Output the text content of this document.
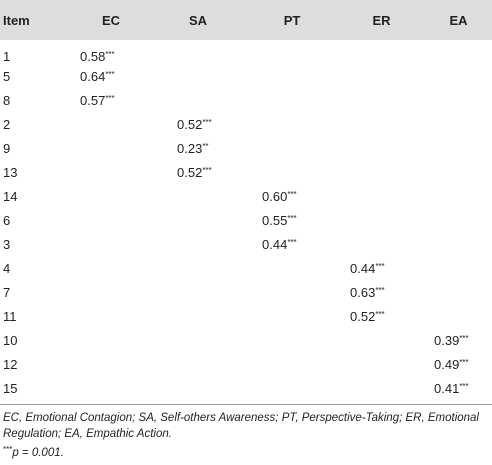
Item	EC	SA	PT	ER	EA
1	0.58***				
5	0.64***				
8	0.57***				
2		0.52***			
9		0.23**			
13		0.52***			
14			0.60***		
6			0.55***		
3			0.44***		
4				0.44***	
7				0.63***	
11				0.52***	
10					0.39***
12					0.49***
15					0.41***
EC, Emotional Contagion; SA, Self-others Awareness; PT, Perspective-Taking; ER, Emotional Regulation; EA, Empathic Action.
***p = 0.001.
